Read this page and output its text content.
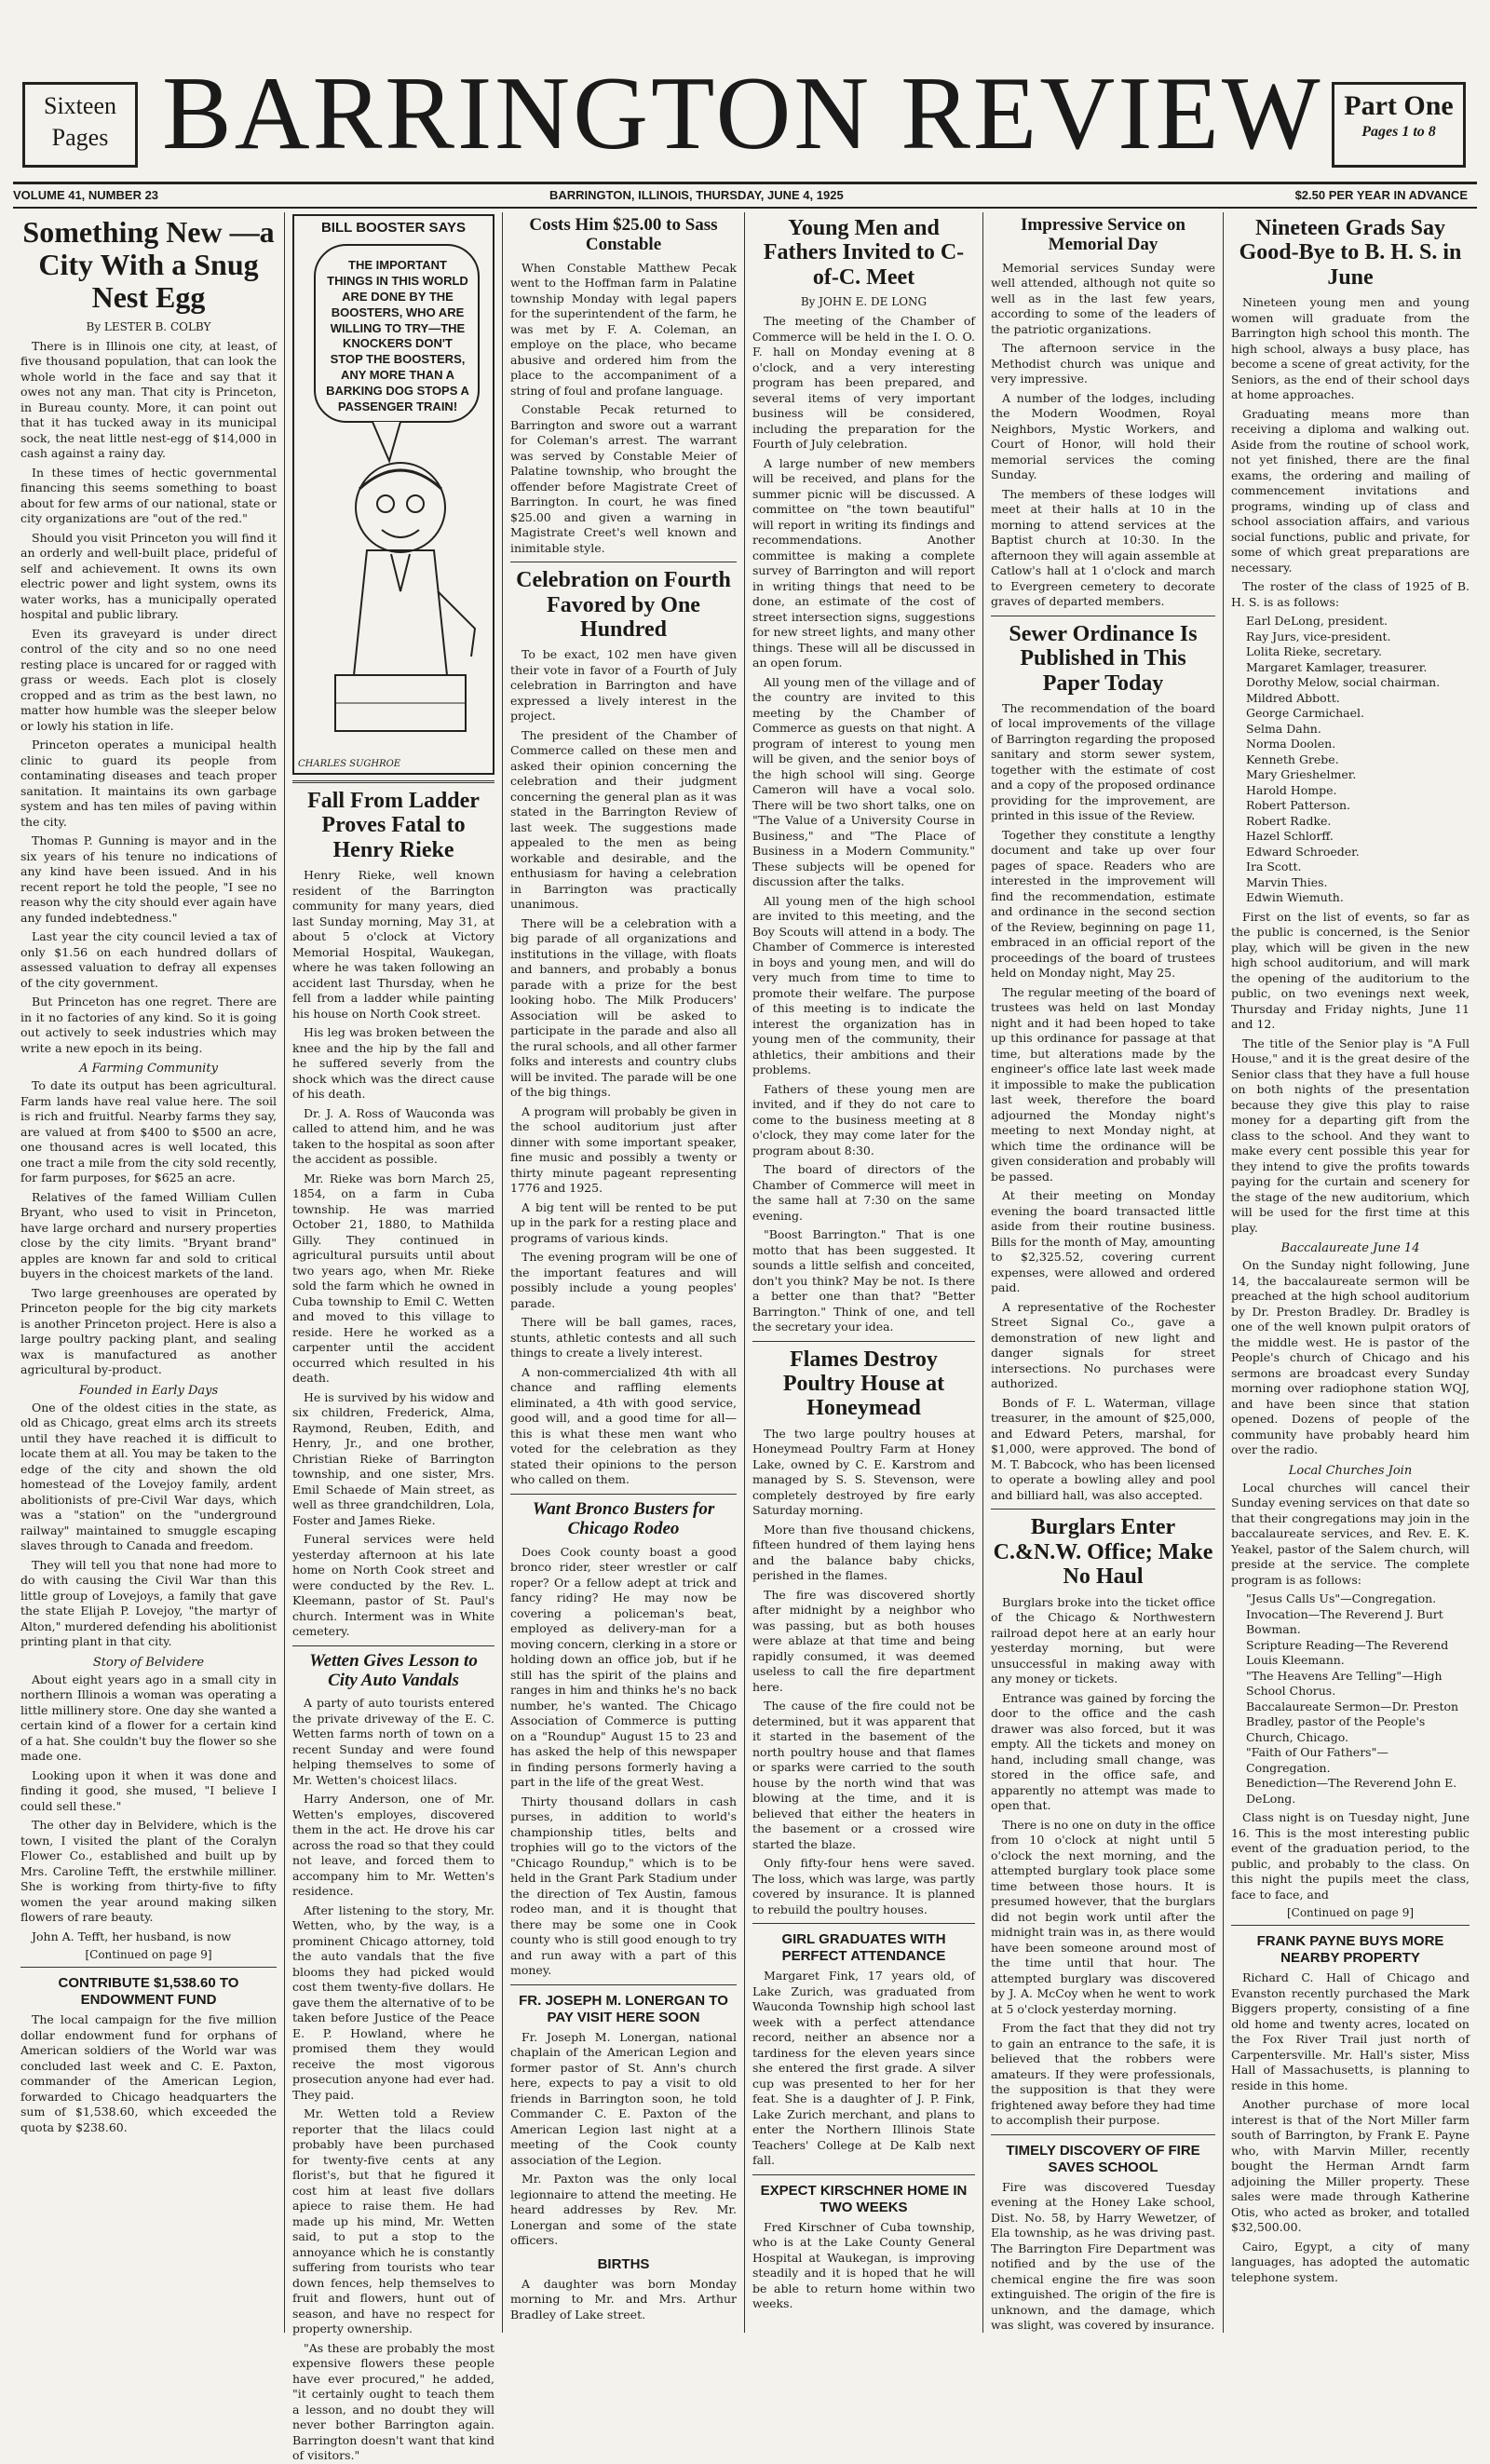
Sixteen
Pages BARRINGTON REVIEW Part One
Pages 1 to 8
VOLUME 41, NUMBER 23	BARRINGTON, ILLINOIS, THURSDAY, JUNE 4, 1925	$2.50 PER YEAR IN ADVANCE
Something New —a City With a Snug Nest Egg
By LESTER B. COLBY

There is in Illinois one city, at least, of five thousand population, that can look the whole world in the face and say that it owes not any man. That city is Princeton, in Bureau county. More, it can point out that it has tucked away in its municipal sock, the neat little nest-egg of $14,000 in cash against a rainy day.

In these times of hectic governmental financing this seems something to boast about for few arms of our national, state or city organizations are "out of the red."

Should you visit Princeton you will find it an orderly and well-built place, prideful of self and achievement. It owns its own electric power and light system, owns its water works, has a municipally operated hospital and public library.

Even its graveyard is under direct control of the city and so no one need resting place is uncared for or ragged with grass or weeds. Each plot is closely cropped and as trim as the best lawn, no matter how humble was the sleeper below or lowly his station in life.

Princeton operates a municipal health clinic to guard its people from contaminating diseases and teach proper sanitation. It maintains its own garbage system and has ten miles of paving within the city.

Thomas P. Gunning is mayor and in the six years of his tenure no indications of any kind have been issued. And in his recent report he told the people, "I see no reason why the city should ever again have any funded indebtedness."

Last year the city council levied a tax of only $1.56 on each hundred dollars of assessed valuation to defray all expenses of the city government.

But Princeton has one regret. There are in it no factories of any kind. So it is going out actively to seek industries which may write a new epoch in its being.

A Farming Community

To date its output has been agricultural. Farm lands have real value here. The soil is rich and fruitful. Nearby farms they say, are valued at from $400 to $500 an acre, one thousand acres is well located, this one tract a mile from the city sold recently, for farm purposes, for $625 an acre.

Relatives of the famed William Cullen Bryant, who used to visit in Princeton, have large orchard and nursery properties close by the city limits. "Bryant brand" apples are known far and sold to critical buyers in the choicest markets of the land.

Two large greenhouses are operated by Princeton people for the big city markets is another Princeton project. Here is also a large poultry packing plant, and sealing wax is manufactured as another agricultural by-product.

Founded in Early Days

One of the oldest cities in the state, as old as Chicago, great elms arch its streets until they have reached it is difficult to locate them at all. You may be taken to the edge of the city and shown the old homestead of the Lovejoy family, ardent abolitionists of pre-Civil War days, which was a "station" on the "underground railway" maintained to smuggle escaping slaves through to Canada and freedom.

They will tell you that none had more to do with causing the Civil War than this little group of Lovejoys, a family that gave the state Elijah P. Lovejoy, "the martyr of Alton," murdered defending his abolitionist printing plant in that city.

Story of Belvidere

About eight years ago in a small city in northern Illinois a woman was operating a little millinery store. One day she wanted a certain kind of a flower for a certain kind of a hat. She couldn't buy the flower so she made one.

Looking upon it when it was done and finding it good, she mused, "I believe I could sell these."

The other day in Belvidere, which is the town, I visited the plant of the Coralyn Flower Co., established and built up by Mrs. Caroline Tefft, the erstwhile milliner. She is working from thirty-five to fifty women the year around making silken flowers of rare beauty.

John A. Tefft, her husband, is now

[Continued on page 9]
CONTRIBUTE $1,538.60 TO ENDOWMENT FUND

The local campaign for the five million dollar endowment fund for orphans of American soldiers of the World war was concluded last week and C. E. Paxton, commander of the American Legion, forwarded to Chicago headquarters the sum of $1,538.60, which exceeded the quota by $238.60.

BILL BOOSTER SAYS
THE IMPORTANT THINGS IN THIS WORLD ARE DONE BY THE BOOSTERS, WHO ARE WILLING TO TRY—THE KNOCKERS DON'T STOP THE BOOSTERS, ANY MORE THAN A BARKING DOG STOPS A PASSENGER TRAIN!
CHARLES SUGHROE
Fall From Ladder Proves Fatal to Henry Rieke

Henry Rieke, well known resident of the Barrington community for many years, died last Sunday morning, May 31, at about 5 o'clock at Victory Memorial Hospital, Waukegan, where he was taken following an accident last Thursday, when he fell from a ladder while painting his house on North Cook street.

His leg was broken between the knee and the hip by the fall and he suffered severly from the shock which was the direct cause of his death.

Dr. J. A. Ross of Wauconda was called to attend him, and he was taken to the hospital as soon after the accident as possible.

Mr. Rieke was born March 25, 1854, on a farm in Cuba township. He was married October 21, 1880, to Mathilda Gilly. They continued in agricultural pursuits until about two years ago, when Mr. Rieke sold the farm which he owned in Cuba township to Emil C. Wetten and moved to this village to reside. Here he worked as a carpenter until the accident occurred which resulted in his death.

He is survived by his widow and six children, Frederick, Alma, Raymond, Reuben, Edith, and Henry, Jr., and one brother, Christian Rieke of Barrington township, and one sister, Mrs. Emil Schaede of Main street, as well as three grandchildren, Lola, Foster and James Rieke.

Funeral services were held yesterday afternoon at his late home on North Cook street and were conducted by the Rev. L. Kleemann, pastor of St. Paul's church. Interment was in White cemetery.

Wetten Gives Lesson to City Auto Vandals

A party of auto tourists entered the private driveway of the E. C. Wetten farms north of town on a recent Sunday and were found helping themselves to some of Mr. Wetten's choicest lilacs.

Harry Anderson, one of Mr. Wetten's employes, discovered them in the act. He drove his car across the road so that they could not leave, and forced them to accompany him to Mr. Wetten's residence.

After listening to the story, Mr. Wetten, who, by the way, is a prominent Chicago attorney, told the auto vandals that the five blooms they had picked would cost them twenty-five dollars. He gave them the alternative of to be taken before Justice of the Peace E. P. Howland, where he promised them they would receive the most vigorous prosecution anyone had ever had. They paid.

Mr. Wetten told a Review reporter that the lilacs could probably have been purchased for twenty-five cents at any florist's, but that he figured it cost him at least five dollars apiece to raise them. He had made up his mind, Mr. Wetten said, to put a stop to the annoyance which he is constantly suffering from tourists who tear down fences, help themselves to fruit and flowers, hunt out of season, and have no respect for property ownership.

"As these are probably the most expensive flowers these people have ever procured," he added, "it certainly ought to teach them a lesson, and no doubt they will never bother Barrington again. Barrington doesn't want that kind of visitors."

Costs Him $25.00 to Sass Constable

When Constable Matthew Pecak went to the Hoffman farm in Palatine township Monday with legal papers for the superintendent of the farm, he was met by F. A. Coleman, an employe on the place, who became abusive and ordered him from the place to the accompaniment of a string of foul and profane language.

Constable Pecak returned to Barrington and swore out a warrant for Coleman's arrest. The warrant was served by Constable Meier of Palatine township, who brought the offender before Magistrate Creet of Barrington. In court, he was fined $25.00 and given a warning in Magistrate Creet's well known and inimitable style.

Celebration on Fourth Favored by One Hundred

To be exact, 102 men have given their vote in favor of a Fourth of July celebration in Barrington and have expressed a lively interest in the project.

The president of the Chamber of Commerce called on these men and asked their opinion concerning the celebration and their judgment concerning the general plan as it was stated in the Barrington Review of last week. The suggestions made appealed to the men as being workable and desirable, and the enthusiasm for having a celebration in Barrington was practically unanimous.

There will be a celebration with a big parade of all organizations and institutions in the village, with floats and banners, and probably a bonus parade with a prize for the best looking hobo. The Milk Producers' Association will be asked to participate in the parade and also all the rural schools, and all other farmer folks and interests and country clubs will be invited. The parade will be one of the big things.

A program will probably be given in the school auditorium just after dinner with some important speaker, fine music and possibly a twenty or thirty minute pageant representing 1776 and 1925.

A big tent will be rented to be put up in the park for a resting place and programs of various kinds.

The evening program will be one of the important features and will possibly include a young peoples' parade.

There will be ball games, races, stunts, athletic contests and all such things to create a lively interest.

A non-commercialized 4th with all chance and raffling elements eliminated, a 4th with good service, good will, and a good time for all—this is what these men want who voted for the celebration as they stated their opinions to the person who called on them.

Want Bronco Busters for Chicago Rodeo

Does Cook county boast a good bronco rider, steer wrestler or calf roper? Or a fellow adept at trick and fancy riding? He may now be covering a policeman's beat, employed as delivery-man for a moving concern, clerking in a store or holding down an office job, but if he still has the spirit of the plains and ranges in him and thinks he's no back number, he's wanted. The Chicago Association of Commerce is putting on a "Roundup" August 15 to 23 and has asked the help of this newspaper in finding persons formerly having a part in the life of the great West.

Thirty thousand dollars in cash purses, in addition to world's championship titles, belts and trophies will go to the victors of the "Chicago Roundup," which is to be held in the Grant Park Stadium under the direction of Tex Austin, famous rodeo man, and it is thought that there may be some one in Cook county who is still good enough to try and run away with a part of this money.

FR. JOSEPH M. LONERGAN TO PAY VISIT HERE SOON

Fr. Joseph M. Lonergan, national chaplain of the American Legion and former pastor of St. Ann's church here, expects to pay a visit to old friends in Barrington soon, he told Commander C. E. Paxton of the American Legion last night at a meeting of the Cook county association of the Legion.

Mr. Paxton was the only local legionnaire to attend the meeting. He heard addresses by Rev. Mr. Lonergan and some of the state officers.

BIRTHS

A daughter was born Monday morning to Mr. and Mrs. Arthur Bradley of Lake street.

Young Men and Fathers Invited to C-of-C. Meet
By JOHN E. DE LONG

The meeting of the Chamber of Commerce will be held in the I. O. O. F. hall on Monday evening at 8 o'clock, and a very interesting program has been prepared, and several items of very important business will be considered, including the preparation for the Fourth of July celebration.

A large number of new members will be received, and plans for the summer picnic will be discussed. A committee on "the town beautiful" will report in writing its findings and recommendations. Another committee is making a complete survey of Barrington and will report in writing things that need to be done, an estimate of the cost of street intersection signs, suggestions for new street lights, and many other things. These will all be discussed in an open forum.

All young men of the village and of the country are invited to this meeting by the Chamber of Commerce as guests on that night. A program of interest to young men will be given, and the senior boys of the high school will sing. George Cameron will have a vocal solo. There will be two short talks, one on "The Value of a University Course in Business," and "The Place of Business in a Modern Community." These subjects will be opened for discussion after the talks.

All young men of the high school are invited to this meeting, and the Boy Scouts will attend in a body. The Chamber of Commerce is interested in boys and young men, and will do very much from time to time to promote their welfare. The purpose of this meeting is to indicate the interest the organization has in young men of the community, their athletics, their ambitions and their problems.

Fathers of these young men are invited, and if they do not care to come to the business meeting at 8 o'clock, they may come later for the program about 8:30.

The board of directors of the Chamber of Commerce will meet in the same hall at 7:30 on the same evening.

"Boost Barrington." That is one motto that has been suggested. It sounds a little selfish and conceited, don't you think? May be not. Is there a better one than that? "Better Barrington." Think of one, and tell the secretary your idea.

Flames Destroy Poultry House at Honeymead

The two large poultry houses at Honeymead Poultry Farm at Honey Lake, owned by C. E. Karstrom and managed by S. S. Stevenson, were completely destroyed by fire early Saturday morning.

More than five thousand chickens, fifteen hundred of them laying hens and the balance baby chicks, perished in the flames.

The fire was discovered shortly after midnight by a neighbor who was passing, but as both houses were ablaze at that time and being rapidly consumed, it was deemed useless to call the fire department here.

The cause of the fire could not be determined, but it was apparent that it started in the basement of the north poultry house and that flames or sparks were carried to the south house by the north wind that was blowing at the time, and it is believed that either the heaters in the basement or a crossed wire started the blaze.

Only fifty-four hens were saved. The loss, which was large, was partly covered by insurance. It is planned to rebuild the poultry houses.

GIRL GRADUATES WITH PERFECT ATTENDANCE

Margaret Fink, 17 years old, of Lake Zurich, was graduated from Wauconda Township high school last week with a perfect attendance record, neither an absence nor a tardiness for the eleven years since she entered the first grade. A silver cup was presented to her for her feat. She is a daughter of J. P. Fink, Lake Zurich merchant, and plans to enter the Northern Illinois State Teachers' College at De Kalb next fall.

EXPECT KIRSCHNER HOME IN TWO WEEKS

Fred Kirschner of Cuba township, who is at the Lake County General Hospital at Waukegan, is improving steadily and it is hoped that he will be able to return home within two weeks.

Impressive Service on Memorial Day

Memorial services Sunday were well attended, although not quite so well as in the last few years, according to some of the leaders of the patriotic organizations.

The afternoon service in the Methodist church was unique and very impressive.

A number of the lodges, including the Modern Woodmen, Royal Neighbors, Mystic Workers, and Court of Honor, will hold their memorial services the coming Sunday.

The members of these lodges will meet at their halls at 10 in the morning to attend services at the Baptist church at 10:30. In the afternoon they will again assemble at Catlow's hall at 1 o'clock and march to Evergreen cemetery to decorate graves of departed members.

Sewer Ordinance Is Published in This Paper Today

The recommendation of the board of local improvements of the village of Barrington regarding the proposed sanitary and storm sewer system, together with the estimate of cost and a copy of the proposed ordinance providing for the improvement, are printed in this issue of the Review.

Together they constitute a lengthy document and take up over four pages of space. Readers who are interested in the improvement will find the recommendation, estimate and ordinance in the second section of the Review, beginning on page 11, embraced in an official report of the proceedings of the board of trustees held on Monday night, May 25.

The regular meeting of the board of trustees was held on last Monday night and it had been hoped to take up this ordinance for passage at that time, but alterations made by the engineer's office late last week made it impossible to make the publication last week, therefore the board adjourned the Monday night's meeting to next Monday night, at which time the ordinance will be given consideration and probably will be passed.

At their meeting on Monday evening the board transacted little aside from their routine business. Bills for the month of May, amounting to $2,325.52, covering current expenses, were allowed and ordered paid.

A representative of the Rochester Street Signal Co., gave a demonstration of new light and danger signals for street intersections. No purchases were authorized.

Bonds of F. L. Waterman, village treasurer, in the amount of $25,000, and Edward Peters, marshal, for $1,000, were approved. The bond of M. T. Babcock, who has been licensed to operate a bowling alley and pool and billiard hall, was also accepted.

Burglars Enter C.&N.W. Office; Make No Haul

Burglars broke into the ticket office of the Chicago & Northwestern railroad depot here at an early hour yesterday morning, but were unsuccessful in making away with any money or tickets.

Entrance was gained by forcing the door to the office and the cash drawer was also forced, but it was empty. All the tickets and money on hand, including small change, was stored in the office safe, and apparently no attempt was made to open that.

There is no one on duty in the office from 10 o'clock at night until 5 o'clock the next morning, and the attempted burglary took place some time between those hours. It is presumed however, that the burglars did not begin work until after the midnight train was in, as there would have been someone around most of the time until that hour. The attempted burglary was discovered by J. A. McCoy when he went to work at 5 o'clock yesterday morning.

From the fact that they did not try to gain an entrance to the safe, it is believed that the robbers were amateurs. If they were professionals, the supposition is that they were frightened away before they had time to accomplish their purpose.

TIMELY DISCOVERY OF FIRE SAVES SCHOOL

Fire was discovered Tuesday evening at the Honey Lake school, Dist. No. 58, by Harry Wewetzer, of Ela township, as he was driving past. The Barrington Fire Department was notified and by the use of the chemical engine the fire was soon extinguished. The origin of the fire is unknown, and the damage, which was slight, was covered by insurance.

Nineteen Grads Say Good-Bye to B. H. S. in June

Nineteen young men and young women will graduate from the Barrington high school this month. The high school, always a busy place, has become a scene of great activity, for the Seniors, as the end of their school days at home approaches.

Graduating means more than receiving a diploma and walking out. Aside from the routine of school work, not yet finished, there are the final exams, the ordering and mailing of commencement invitations and programs, winding up of class and school association affairs, and various social functions, public and private, for some of which great preparations are necessary.

The roster of the class of 1925 of B. H. S. is as follows:

Earl DeLong, president.
Ray Jurs, vice-president.
Lolita Rieke, secretary.
Margaret Kamlager, treasurer.
Dorothy Melow, social chairman.
Mildred Abbott.
George Carmichael.
Selma Dahn.
Norma Doolen.
Kenneth Grebe.
Mary Grieshelmer.
Harold Hompe.
Robert Patterson.
Robert Radke.
Hazel Schlorff.
Edward Schroeder.
Ira Scott.
Marvin Thies.
Edwin Wiemuth.

First on the list of events, so far as the public is concerned, is the Senior play, which will be given in the new high school auditorium, and will mark the opening of the auditorium to the public, on two evenings next week, Thursday and Friday nights, June 11 and 12.

The title of the Senior play is "A Full House," and it is the great desire of the Senior class that they have a full house on both nights of the presentation because they give this play to raise money for a departing gift from the class to the school. And they want to make every cent possible this year for they intend to give the profits towards paying for the curtain and scenery for the stage of the new auditorium, which will be used for the first time at this play.

Baccalaureate June 14

On the Sunday night following, June 14, the baccalaureate sermon will be preached at the high school auditorium by Dr. Preston Bradley. Dr. Bradley is one of the well known pulpit orators of the middle west. He is pastor of the People's church of Chicago and his sermons are broadcast every Sunday morning over radiophone station WQJ, and have been since that station opened. Dozens of people of the community have probably heard him over the radio.

Local Churches Join

Local churches will cancel their Sunday evening services on that date so that their congregations may join in the baccalaureate services, and Rev. E. K. Yeakel, pastor of the Salem church, will preside at the service. The complete program is as follows:

"Jesus Calls Us"—Congregation.
Invocation—The Reverend J. Burt Bowman.
Scripture Reading—The Reverend Louis Kleemann.
"The Heavens Are Telling"—High School Chorus.
Baccalaureate Sermon—Dr. Preston Bradley, pastor of the People's Church, Chicago.
"Faith of Our Fathers"—Congregation.
Benediction—The Reverend John E. DeLong.

Class night is on Tuesday night, June 16. This is the most interesting public event of the graduation period, to the public, and probably to the class. On this night the pupils meet the class, face to face, and

[Continued on page 9]
FRANK PAYNE BUYS MORE NEARBY PROPERTY

Richard C. Hall of Chicago and Evanston recently purchased the Mark Biggers property, consisting of a fine old home and twenty acres, located on the Fox River Trail just north of Carpentersville. Mr. Hall's sister, Miss Hall of Massachusetts, is planning to reside in this home.

Another purchase of more local interest is that of the Nort Miller farm south of Barrington, by Frank E. Payne who, with Marvin Miller, recently bought the Herman Arndt farm adjoining the Miller property. These sales were made through Katherine Otis, who acted as broker, and totalled $32,500.00.

Cairo, Egypt, a city of many languages, has adopted the automatic telephone system.
